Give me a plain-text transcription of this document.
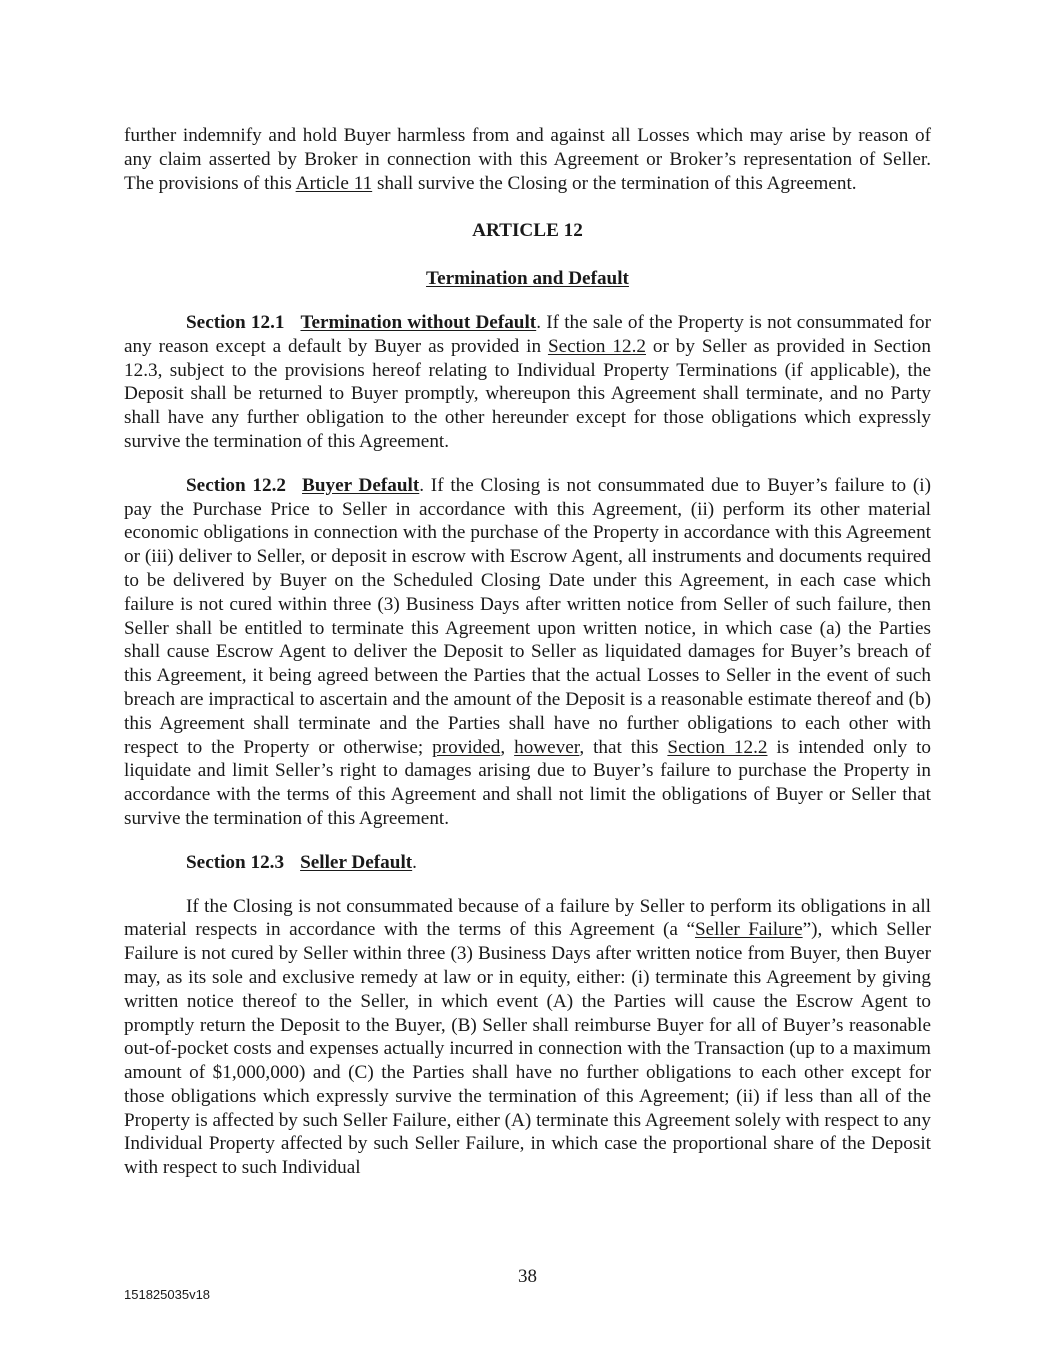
further indemnify and hold Buyer harmless from and against all Losses which may arise by reason of any claim asserted by Broker in connection with this Agreement or Broker’s representation of Seller. The provisions of this Article 11 shall survive the Closing or the termination of this Agreement.

ARTICLE 12

Termination and Default

Section 12.1 Termination without Default. If the sale of the Property is not consummated for any reason except a default by Buyer as provided in Section 12.2 or by Seller as provided in Section 12.3, subject to the provisions hereof relating to Individual Property Terminations (if applicable), the Deposit shall be returned to Buyer promptly, whereupon this Agreement shall terminate, and no Party shall have any further obligation to the other hereunder except for those obligations which expressly survive the termination of this Agreement.

Section 12.2 Buyer Default. If the Closing is not consummated due to Buyer’s failure to (i) pay the Purchase Price to Seller in accordance with this Agreement, (ii) perform its other material economic obligations in connection with the purchase of the Property in accordance with this Agreement or (iii) deliver to Seller, or deposit in escrow with Escrow Agent, all instruments and documents required to be delivered by Buyer on the Scheduled Closing Date under this Agreement, in each case which failure is not cured within three (3) Business Days after written notice from Seller of such failure, then Seller shall be entitled to terminate this Agreement upon written notice, in which case (a) the Parties shall cause Escrow Agent to deliver the Deposit to Seller as liquidated damages for Buyer’s breach of this Agreement, it being agreed between the Parties that the actual Losses to Seller in the event of such breach are impractical to ascertain and the amount of the Deposit is a reasonable estimate thereof and (b) this Agreement shall terminate and the Parties shall have no further obligations to each other with respect to the Property or otherwise; provided, however, that this Section 12.2 is intended only to liquidate and limit Seller’s right to damages arising due to Buyer’s failure to purchase the Property in accordance with the terms of this Agreement and shall not limit the obligations of Buyer or Seller that survive the termination of this Agreement.

Section 12.3 Seller Default.

If the Closing is not consummated because of a failure by Seller to perform its obligations in all material respects in accordance with the terms of this Agreement (a “Seller Failure”), which Seller Failure is not cured by Seller within three (3) Business Days after written notice from Buyer, then Buyer may, as its sole and exclusive remedy at law or in equity, either: (i) terminate this Agreement by giving written notice thereof to the Seller, in which event (A) the Parties will cause the Escrow Agent to promptly return the Deposit to the Buyer, (B) Seller shall reimburse Buyer for all of Buyer’s reasonable out-of-pocket costs and expenses actually incurred in connection with the Transaction (up to a maximum amount of $1,000,000) and (C) the Parties shall have no further obligations to each other except for those obligations which expressly survive the termination of this Agreement; (ii) if less than all of the Property is affected by such Seller Failure, either (A) terminate this Agreement solely with respect to any Individual Property affected by such Seller Failure, in which case the proportional share of the Deposit with respect to such Individual

38
151825035v18
